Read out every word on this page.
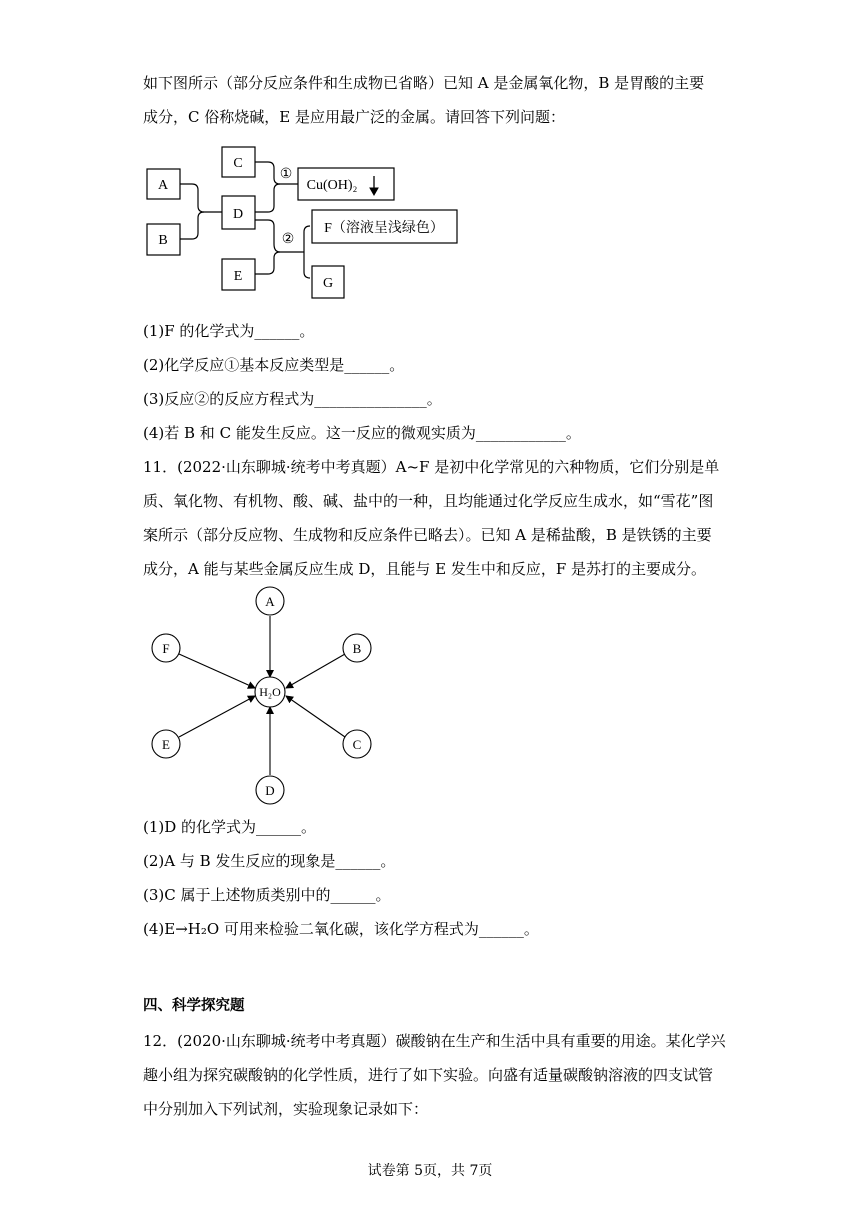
如下图所示（部分反应条件和生成物已省略）已知 A 是金属氧化物，B 是胃酸的主要
成分，C 俗称烧碱，E 是应用最广泛的金属。请回答下列问题：
A
B
C
D
E	G
①
②
Cu(OH)₂
F（溶液呈浅绿色）
(1)F 的化学式为______。
(2)化学反应①基本反应类型是______。
(3)反应②的反应方程式为_______________。
(4)若 B 和 C 能发生反应。这一反应的微观实质为____________。
11．(2022·山东聊城·统考中考真题）A~F 是初中化学常见的六种物质，它们分别是单
质、氧化物、有机物、酸、碱、盐中的一种，且均能通过化学反应生成水，如“雪花”图
案所示（部分反应物、生成物和反应条件已略去）。已知 A 是稀盐酸，B 是铁锈的主要
成分，A 能与某些金属反应生成 D，且能与 E 发生中和反应，F 是苏打的主要成分。
H₂O
A
B
C
D
E
F
(1)D 的化学式为______。
(2)A 与 B 发生反应的现象是______。
(3)C 属于上述物质类别中的______。
(4)E→H₂O 可用来检验二氧化碳，该化学方程式为______。
四、科学探究题
12．(2020·山东聊城·统考中考真题）碳酸钠在生产和生活中具有重要的用途。某化学兴
趣小组为探究碳酸钠的化学性质，进行了如下实验。向盛有适量碳酸钠溶液的四支试管
中分别加入下列试剂，实验现象记录如下：
试卷第 5页，共 7页
